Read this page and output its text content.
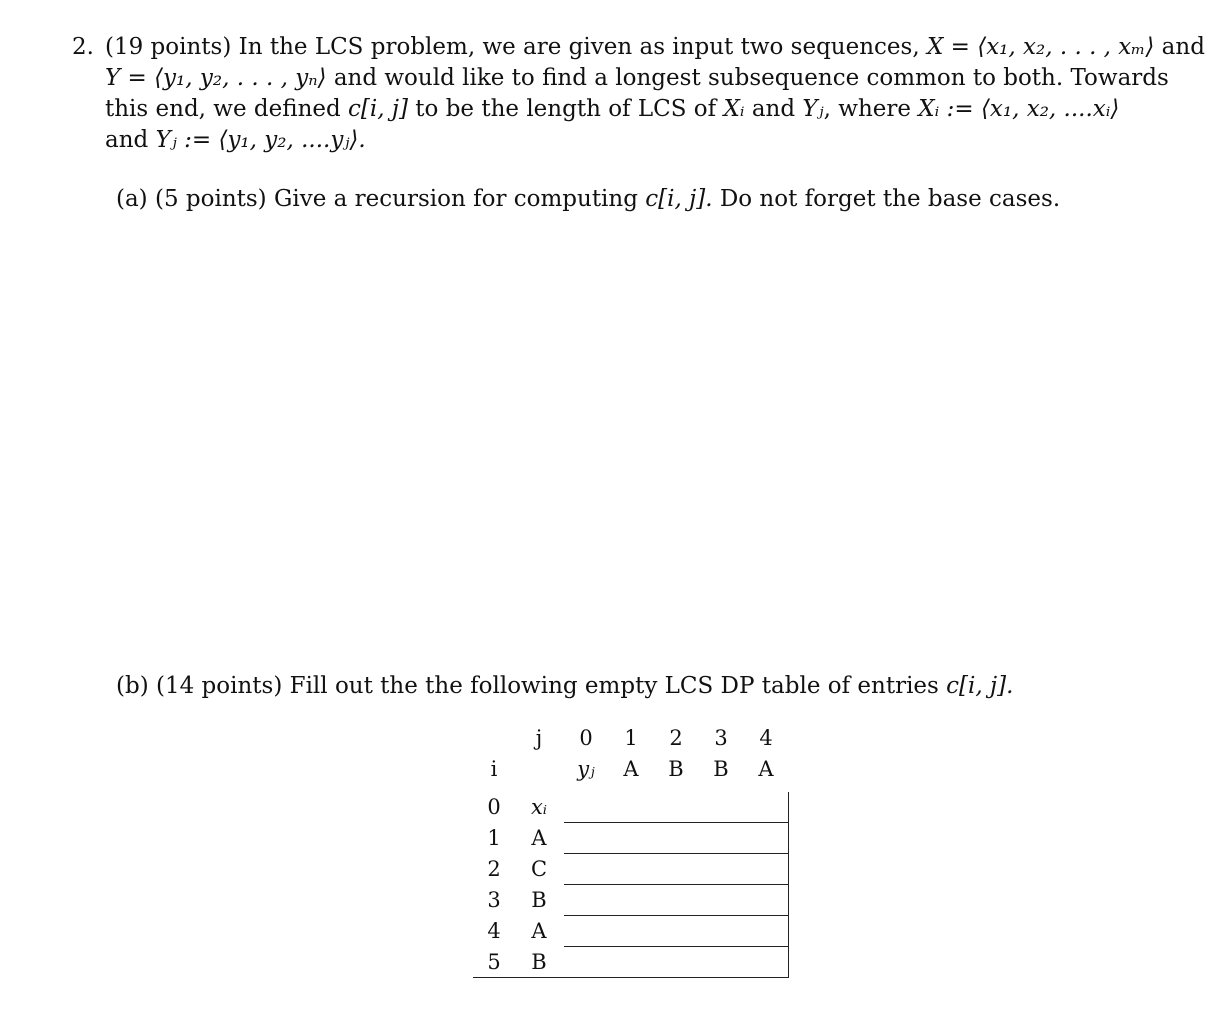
2. (19 points) In the LCS problem, we are given as input two sequences, X = ⟨x₁, x₂, . . . , xₘ⟩ and
Y = ⟨y₁, y₂, . . . , yₙ⟩ and would like to find a longest subsequence common to both. Towards
this end, we defined c[i, j] to be the length of LCS of Xᵢ and Yⱼ, where Xᵢ := ⟨x₁, x₂, ....xᵢ⟩
and Yⱼ := ⟨y₁, y₂, ....yⱼ⟩.
(a) (5 points) Give a recursion for computing c[i, j]. Do not forget the base cases.
(b) (14 points) Fill out the the following empty LCS DP table of entries c[i, j].
	j	0	1	2	3	4
i		yⱼ	A	B	B	A

0	xᵢ					
1	A					
2	C					
3	B					
4	A					
5	B					
